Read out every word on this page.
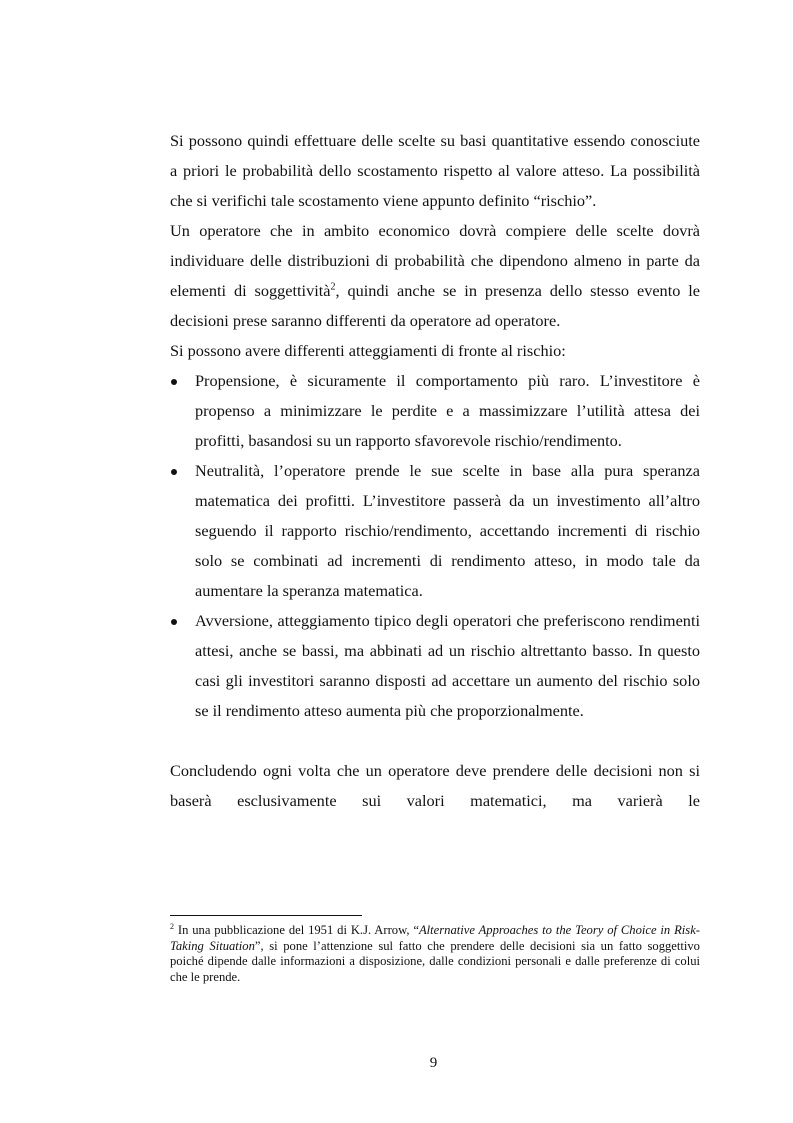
Si possono quindi effettuare delle scelte su basi quantitative essendo conosciute a priori le probabilità dello scostamento rispetto al valore atteso. La possibilità che si verifichi tale scostamento viene appunto definito “rischio”.

Un operatore che in ambito economico dovrà compiere delle scelte dovrà individuare delle distribuzioni di probabilità che dipendono almeno in parte da elementi di soggettività$^2$, quindi anche se in presenza dello stesso evento le decisioni prese saranno differenti da operatore ad operatore.

Si possono avere differenti atteggiamenti di fronte al rischio:

Propensione, è sicuramente il comportamento più raro. L’investitore è propenso a minimizzare le perdite e a massimizzare l’utilità attesa dei profitti, basandosi su un rapporto sfavorevole rischio/rendimento.
Neutralità, l’operatore prende le sue scelte in base alla pura speranza matematica dei profitti. L’investitore passerà da un investimento all’altro seguendo il rapporto rischio/rendimento, accettando incrementi di rischio solo se combinati ad incrementi di rendimento atteso, in modo tale da aumentare la speranza matematica.
Avversione, atteggiamento tipico degli operatori che preferiscono rendimenti attesi, anche se bassi, ma abbinati ad un rischio altrettanto basso. In questo casi gli investitori saranno disposti ad accettare un aumento del rischio solo se il rendimento atteso aumenta più che proporzionalmente.

Concludendo ogni volta che un operatore deve prendere delle decisioni non si baserà esclusivamente sui valori matematici, ma varierà le

$^2$ In una pubblicazione del 1951 di K.J. Arrow, “Alternative Approaches to the Teory of Choice in Risk-Taking Situation”, si pone l’attenzione sul fatto che prendere delle decisioni sia un fatto soggettivo poiché dipende dalle informazioni a disposizione, dalle condizioni personali e dalle preferenze di colui che le prende.
9
